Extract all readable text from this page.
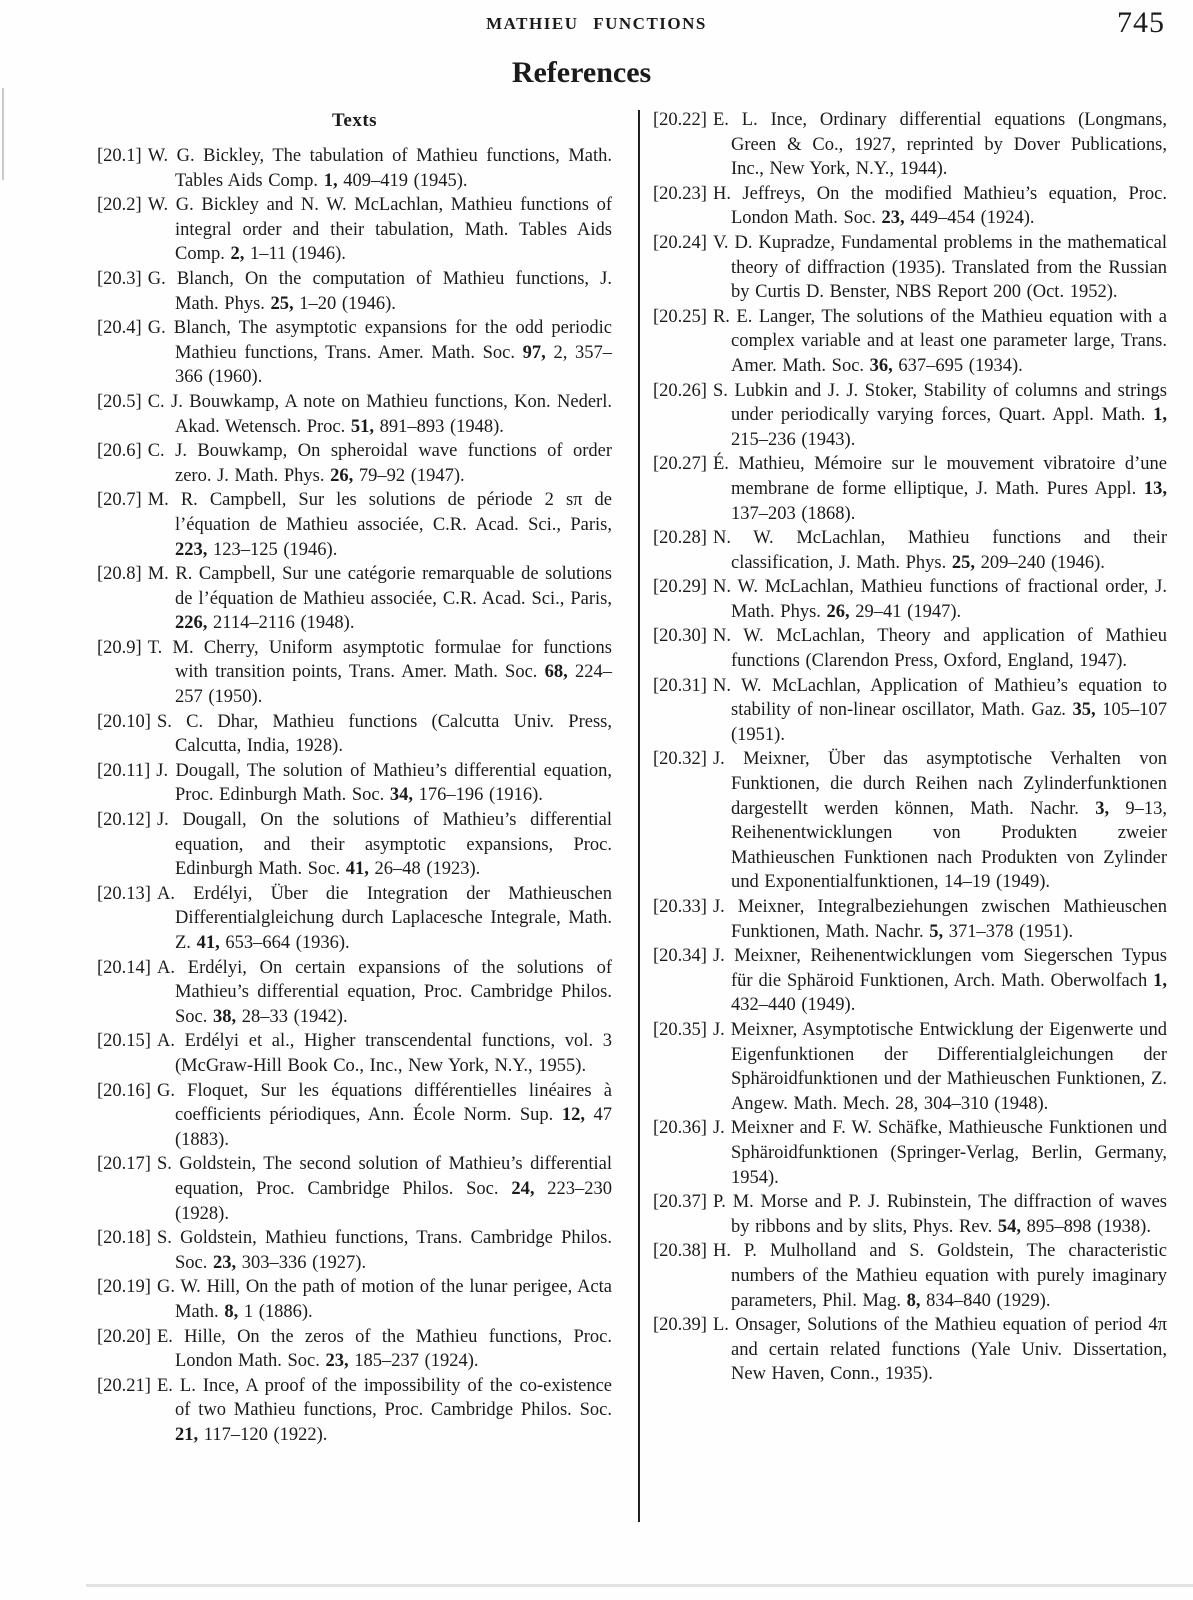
MATHIEU FUNCTIONS	745
References
Texts

[20.1] W. G. Bickley, The tabulation of Mathieu functions, Math. Tables Aids Comp. 1, 409–419 (1945).

[20.2] W. G. Bickley and N. W. McLachlan, Mathieu functions of integral order and their tabulation, Math. Tables Aids Comp. 2, 1–11 (1946).

[20.3] G. Blanch, On the computation of Mathieu functions, J. Math. Phys. 25, 1–20 (1946).

[20.4] G. Blanch, The asymptotic expansions for the odd periodic Mathieu functions, Trans. Amer. Math. Soc. 97, 2, 357–366 (1960).

[20.5] C. J. Bouwkamp, A note on Mathieu functions, Kon. Nederl. Akad. Wetensch. Proc. 51, 891–893 (1948).

[20.6] C. J. Bouwkamp, On spheroidal wave functions of order zero. J. Math. Phys. 26, 79–92 (1947).

[20.7] M. R. Campbell, Sur les solutions de période 2 sπ de l’équation de Mathieu associée, C.R. Acad. Sci., Paris, 223, 123–125 (1946).

[20.8] M. R. Campbell, Sur une catégorie remarquable de solutions de l’équation de Mathieu associée, C.R. Acad. Sci., Paris, 226, 2114–2116 (1948).

[20.9] T. M. Cherry, Uniform asymptotic formulae for functions with transition points, Trans. Amer. Math. Soc. 68, 224–257 (1950).

[20.10] S. C. Dhar, Mathieu functions (Calcutta Univ. Press, Calcutta, India, 1928).

[20.11] J. Dougall, The solution of Mathieu’s differential equation, Proc. Edinburgh Math. Soc. 34, 176–196 (1916).

[20.12] J. Dougall, On the solutions of Mathieu’s differential equation, and their asymptotic expansions, Proc. Edinburgh Math. Soc. 41, 26–48 (1923).

[20.13] A. Erdélyi, Über die Integration der Mathieuschen Differentialgleichung durch Laplacesche Integrale, Math. Z. 41, 653–664 (1936).

[20.14] A. Erdélyi, On certain expansions of the solutions of Mathieu’s differential equation, Proc. Cambridge Philos. Soc. 38, 28–33 (1942).

[20.15] A. Erdélyi et al., Higher transcendental functions, vol. 3 (McGraw-Hill Book Co., Inc., New York, N.Y., 1955).

[20.16] G. Floquet, Sur les équations différentielles linéaires à coefficients périodiques, Ann. École Norm. Sup. 12, 47 (1883).

[20.17] S. Goldstein, The second solution of Mathieu’s differential equation, Proc. Cambridge Philos. Soc. 24, 223–230 (1928).

[20.18] S. Goldstein, Mathieu functions, Trans. Cambridge Philos. Soc. 23, 303–336 (1927).

[20.19] G. W. Hill, On the path of motion of the lunar perigee, Acta Math. 8, 1 (1886).

[20.20] E. Hille, On the zeros of the Mathieu functions, Proc. London Math. Soc. 23, 185–237 (1924).

[20.21] E. L. Ince, A proof of the impossibility of the co-existence of two Mathieu functions, Proc. Cambridge Philos. Soc. 21, 117–120 (1922).

[20.22] E. L. Ince, Ordinary differential equations (Longmans, Green & Co., 1927, reprinted by Dover Publications, Inc., New York, N.Y., 1944).

[20.23] H. Jeffreys, On the modified Mathieu’s equation, Proc. London Math. Soc. 23, 449–454 (1924).

[20.24] V. D. Kupradze, Fundamental problems in the mathematical theory of diffraction (1935). Translated from the Russian by Curtis D. Benster, NBS Report 200 (Oct. 1952).

[20.25] R. E. Langer, The solutions of the Mathieu equation with a complex variable and at least one parameter large, Trans. Amer. Math. Soc. 36, 637–695 (1934).

[20.26] S. Lubkin and J. J. Stoker, Stability of columns and strings under periodically varying forces, Quart. Appl. Math. 1, 215–236 (1943).

[20.27] É. Mathieu, Mémoire sur le mouvement vibratoire d’une membrane de forme elliptique, J. Math. Pures Appl. 13, 137–203 (1868).

[20.28] N. W. McLachlan, Mathieu functions and their classification, J. Math. Phys. 25, 209–240 (1946).

[20.29] N. W. McLachlan, Mathieu functions of fractional order, J. Math. Phys. 26, 29–41 (1947).

[20.30] N. W. McLachlan, Theory and application of Mathieu functions (Clarendon Press, Oxford, England, 1947).

[20.31] N. W. McLachlan, Application of Mathieu’s equation to stability of non-linear oscillator, Math. Gaz. 35, 105–107 (1951).

[20.32] J. Meixner, Über das asymptotische Verhalten von Funktionen, die durch Reihen nach Zylinderfunktionen dargestellt werden können, Math. Nachr. 3, 9–13, Reihenentwicklungen von Produkten zweier Mathieuschen Funktionen nach Produkten von Zylinder und Exponentialfunktionen, 14–19 (1949).

[20.33] J. Meixner, Integralbeziehungen zwischen Mathieuschen Funktionen, Math. Nachr. 5, 371–378 (1951).

[20.34] J. Meixner, Reihenentwicklungen vom Siegerschen Typus für die Sphäroid Funktionen, Arch. Math. Oberwolfach 1, 432–440 (1949).

[20.35] J. Meixner, Asymptotische Entwicklung der Eigenwerte und Eigenfunktionen der Differentialgleichungen der Sphäroidfunktionen und der Mathieuschen Funktionen, Z. Angew. Math. Mech. 28, 304–310 (1948).

[20.36] J. Meixner and F. W. Schäfke, Mathieusche Funktionen und Sphäroidfunktionen (Springer-Verlag, Berlin, Germany, 1954).

[20.37] P. M. Morse and P. J. Rubinstein, The diffraction of waves by ribbons and by slits, Phys. Rev. 54, 895–898 (1938).

[20.38] H. P. Mulholland and S. Goldstein, The characteristic numbers of the Mathieu equation with purely imaginary parameters, Phil. Mag. 8, 834–840 (1929).

[20.39] L. Onsager, Solutions of the Mathieu equation of period 4π and certain related functions (Yale Univ. Dissertation, New Haven, Conn., 1935).
